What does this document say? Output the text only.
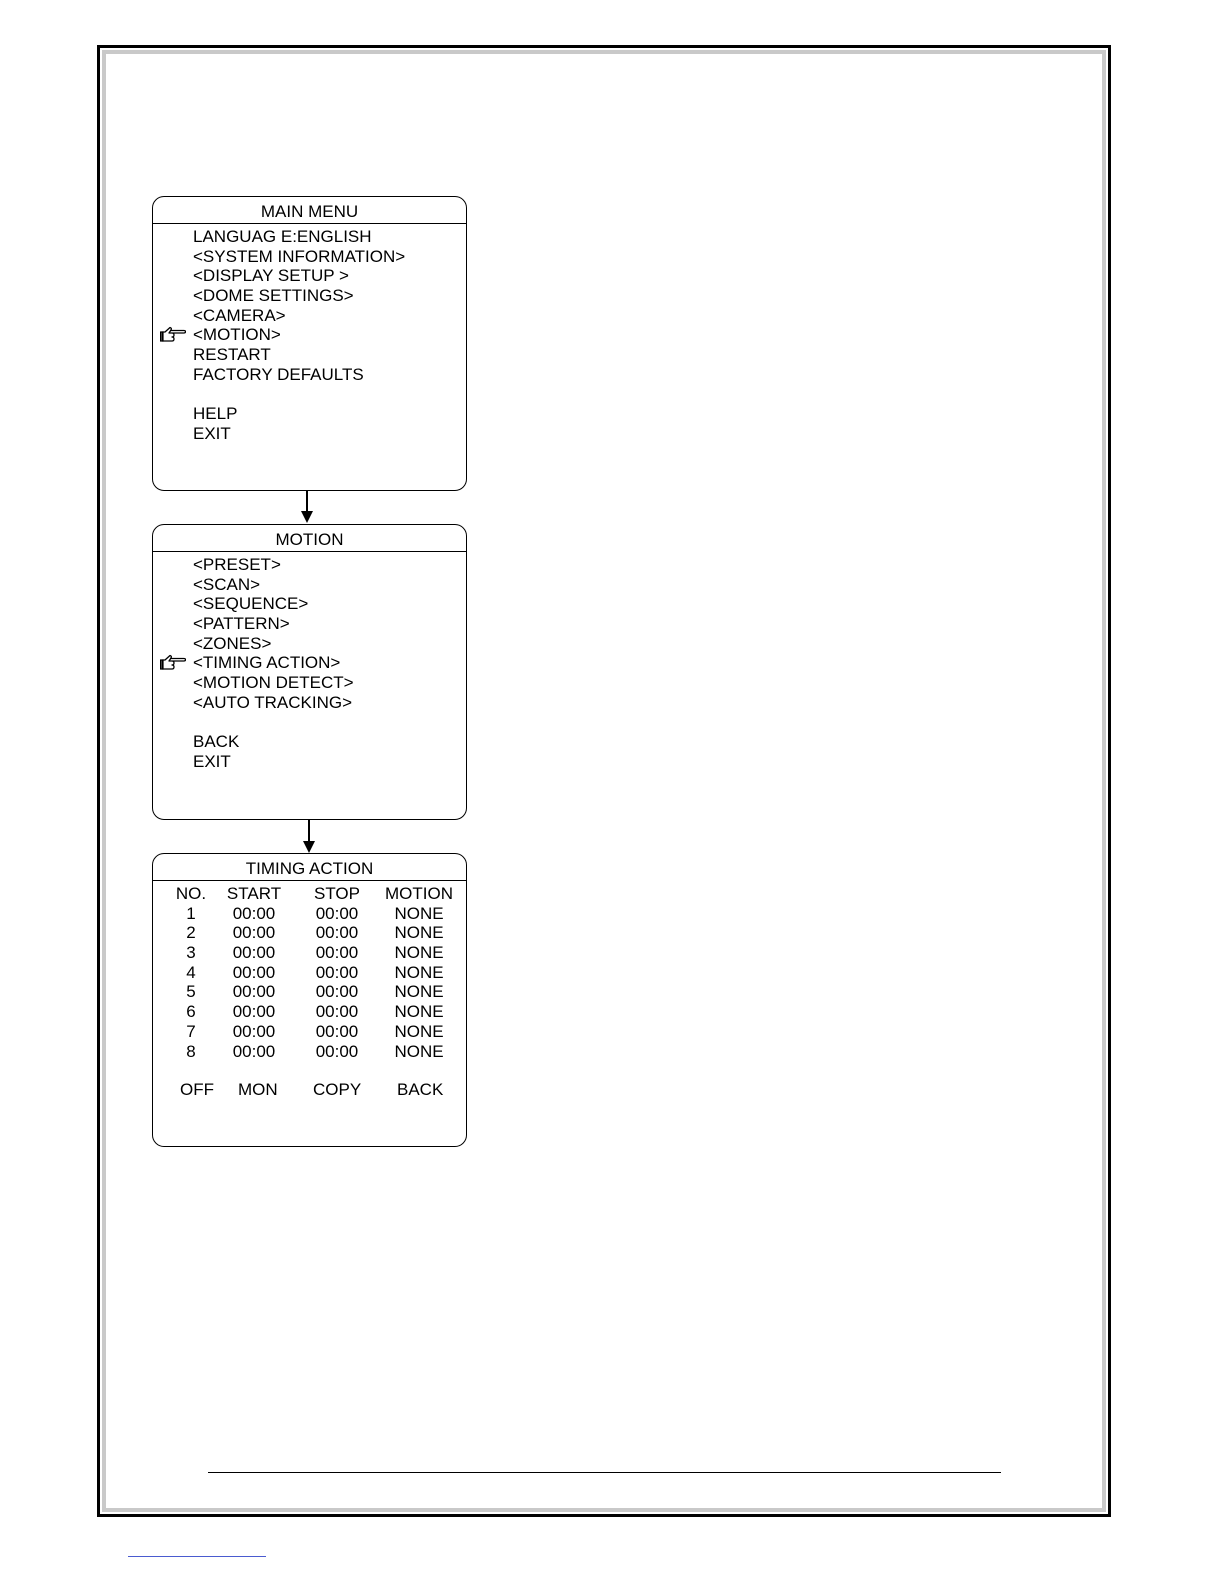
MAIN MENU
LANGUAG E:ENGLISH
<SYSTEM INFORMATION>
<DISPLAY SETUP >
<DOME SETTINGS>
<CAMERA>
<MOTION>
RESTART
FACTORY DEFAULTS
HELP
EXIT
MOTION
<PRESET>
<SCAN>
<SEQUENCE>
<PATTERN>
<ZONES>
<TIMING ACTION>
<MOTION DETECT>
<AUTO TRACKING>
BACK
EXIT
TIMING ACTION
NO.	START	STOP	MOTION
1	00:00	00:00	NONE
2	00:00	00:00	NONE
3	00:00	00:00	NONE
4	00:00	00:00	NONE
5	00:00	00:00	NONE
6	00:00	00:00	NONE
7	00:00	00:00	NONE
8	00:00	00:00	NONE
OFF MON COPY BACK
